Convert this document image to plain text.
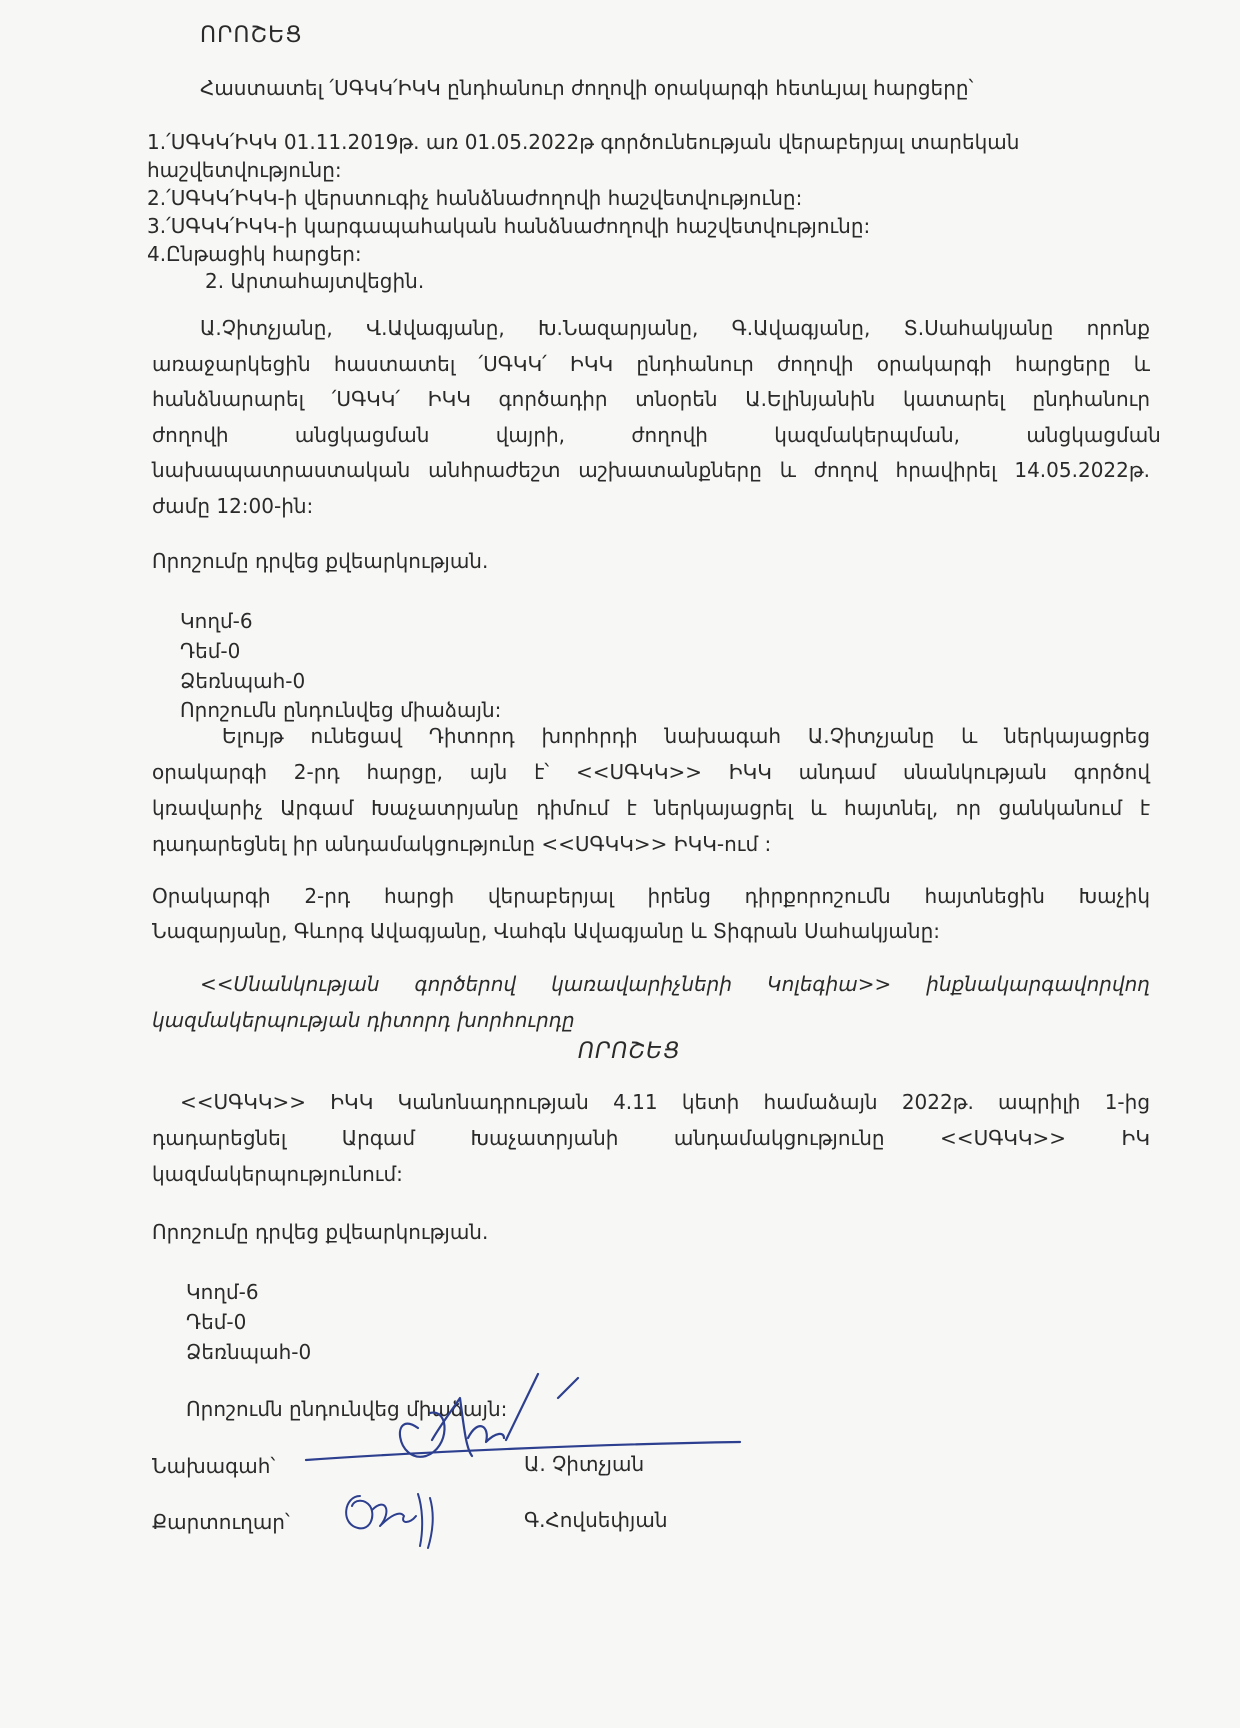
ՈՐՈՇԵՑ

Հաստատել ՛ՍԳԿԿ՛ԻԿԿ ընդհանուր ժողովի օրակարգի հետևյալ հարցերը՝

1.՛ՍԳԿԿ՛ԻԿԿ 01.11.2019թ. առ 01.05.2022թ գործունեության վերաբերյալ տարեկան

հաշվետվությունը:

2.՛ՍԳԿԿ՛ԻԿԿ-ի վերստուգիչ հանձնաժողովի հաշվետվությունը:

3.՛ՍԳԿԿ՛ԻԿԿ-ի կարգապահական հանձնաժողովի հաշվետվությունը:

4.Ընթացիկ հարցեր:

2. Արտահայտվեցին.

Ա.Չիտչյանը, Վ.Ավագյանը, Խ.Նազարյանը, Գ.Ավագյանը, Տ.Սահակյանը որոնք

առաջարկեցին հաստատել ՛ՍԳԿԿ՛ ԻԿԿ ընդհանուր ժողովի օրակարգի հարցերը և

հանձնարարել ՛ՍԳԿԿ՛ ԻԿԿ գործադիր տնօրեն Ա.Ելինյանին կատարել ընդհանուր

ժողովի անցկացման վայրի, ժողովի կազմակերպման, անցկացման

նախապատրաստական անհրաժեշտ աշխատանքները և ժողով հրավիրել 14.05.2022թ.

ժամը 12:00-ին:

Որոշումը դրվեց քվեարկության.

Կողմ-6

Դեմ-0

Ձեռնպահ-0

Որոշումն ընդունվեց միաձայն:

Ելույթ ունեցավ Դիտորդ խորհրդի նախագահ Ա.Չիտչյանը և ներկայացրեց

օրակարգի 2-րդ հարցը, այն է՝ <<ՍԳԿԿ>> ԻԿԿ անդամ սնանկության գործով

կռավարիչ Արգամ Խաչատրյանը դիմում է ներկայացրել և հայտնել, որ ցանկանում է

դադարեցնել իր անդամակցությունը <<ՍԳԿԿ>> ԻԿԿ-ում :

Օրակարգի 2-րդ հարցի վերաբերյալ իրենց դիրքորոշումն հայտնեցին Խաչիկ

Նազարյանը, Գևորգ Ավագյանը, Վահգն Ավագյանը և Տիգրան Սահակյանը:

<<Սնանկության գործերով կառավարիչների Կոլեգիա>> ինքնակարգավորվող

կազմակերպության դիտորդ խորհուրդը

ՈՐՈՇԵՑ

<<ՍԳԿԿ>> ԻԿԿ Կանոնադրության 4.11 կետի համաձայն 2022թ. ապրիլի 1-ից

դադարեցնել Արգամ Խաչատրյանի անդամակցությունը <<ՍԳԿԿ>> ԻԿ

կազմակերպությունում:

Որոշումը դրվեց քվեարկության.

Կողմ-6

Դեմ-0

Ձեռնպահ-0

Որոշումն ընդունվեց միաձայն:

Նախագահ՝	Ա. Չիտչյան

Քարտուղար՝	Գ.Հովսեփյան
